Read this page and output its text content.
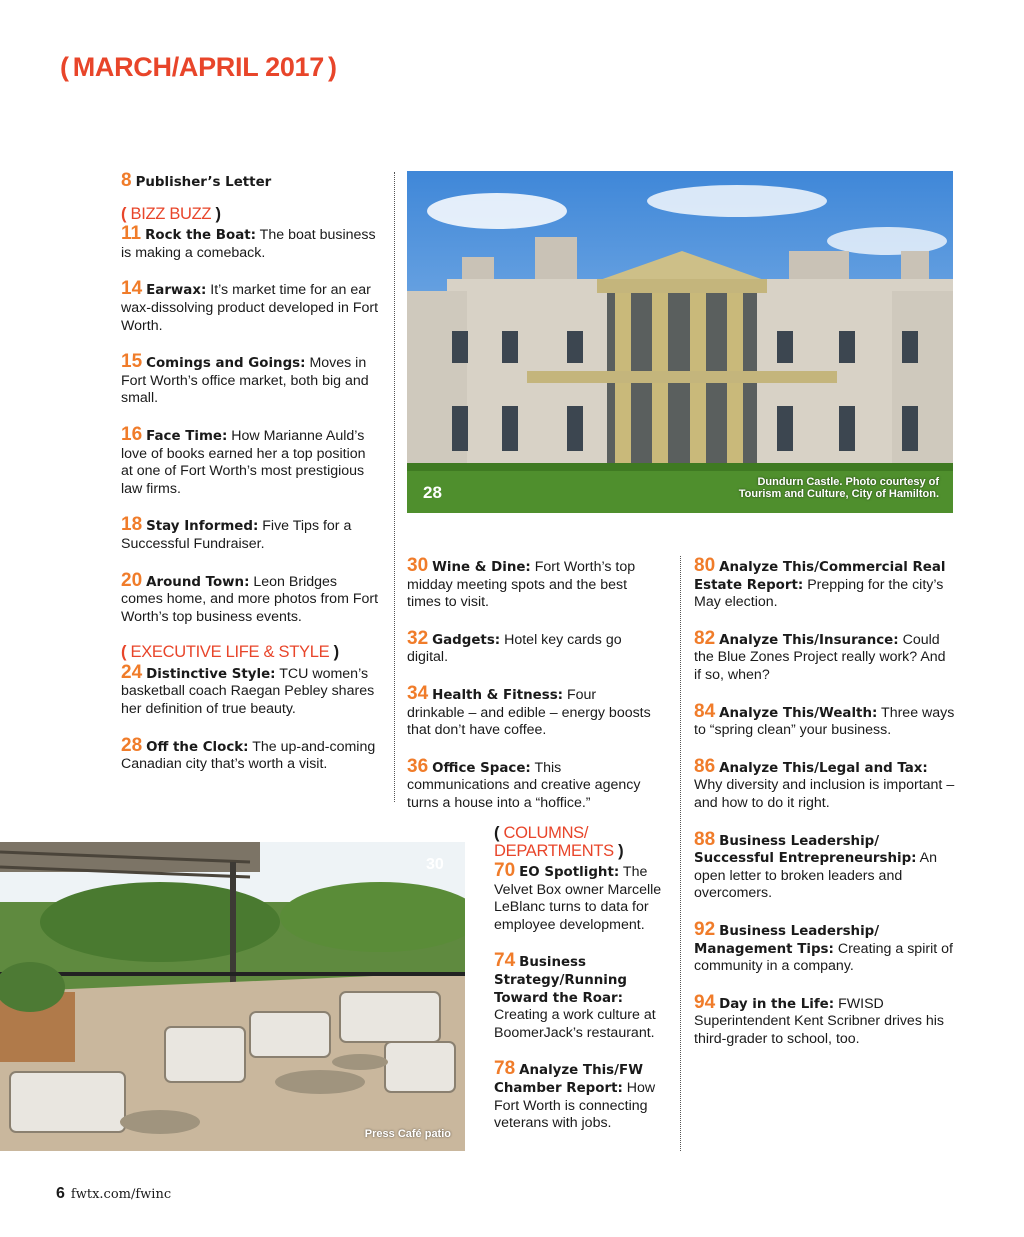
( MARCH/APRIL 2017 )
8 Publisher’s Letter
( BIZZ BUZZ )
11 Rock the Boat: The boat business is making a comeback.
14 Earwax: It’s market time for an ear wax-dissolving product developed in Fort Worth.
15 Comings and Goings: Moves in Fort Worth’s office market, both big and small.
16 Face Time: How Marianne Auld’s love of books earned her a top position at one of Fort Worth’s most prestigious law firms.
18 Stay Informed: Five Tips for a Successful Fundraiser.
20 Around Town: Leon Bridges comes home, and more photos from Fort Worth’s top business events.
( EXECUTIVE LIFE & STYLE )
24 Distinctive Style: TCU women’s basketball coach Raegan Pebley shares her definition of true beauty.
28 Off the Clock: The up-and-coming Canadian city that’s worth a visit.
28
Dundurn Castle. Photo courtesy of
Tourism and Culture, City of Hamilton.
30 Wine & Dine: Fort Worth’s top midday meeting spots and the best times to visit.
32 Gadgets: Hotel key cards go digital.
34 Health & Fitness: Four drinkable – and edible – energy boosts that don’t have coffee.
36 Office Space: This communications and creative agency turns a house into a “hoffice.”
80 Analyze This/Commercial Real Estate Report: Prepping for the city’s May election.
82 Analyze This/Insurance: Could the Blue Zones Project really work? And if so, when?
84 Analyze This/Wealth: Three ways to “spring clean” your business.
86 Analyze This/Legal and Tax: Why diversity and inclusion is important – and how to do it right.
88 Business Leadership/ Successful Entrepreneurship: An open letter to broken leaders and overcomers.
92 Business Leadership/ Management Tips: Creating a spirit of community in a company.
94 Day in the Life: FWISD Superintendent Kent Scribner drives his third-grader to school, too.
30
Press Café patio
( COLUMNS/
DEPARTMENTS )
70 EO Spotlight: The Velvet Box owner Marcelle LeBlanc turns to data for employee development.
74 Business Strategy/Running Toward the Roar: Creating a work culture at BoomerJack’s restaurant.
78 Analyze This/FW Chamber Report: How Fort Worth is connecting veterans with jobs.
6 fwtx.com/fwinc
